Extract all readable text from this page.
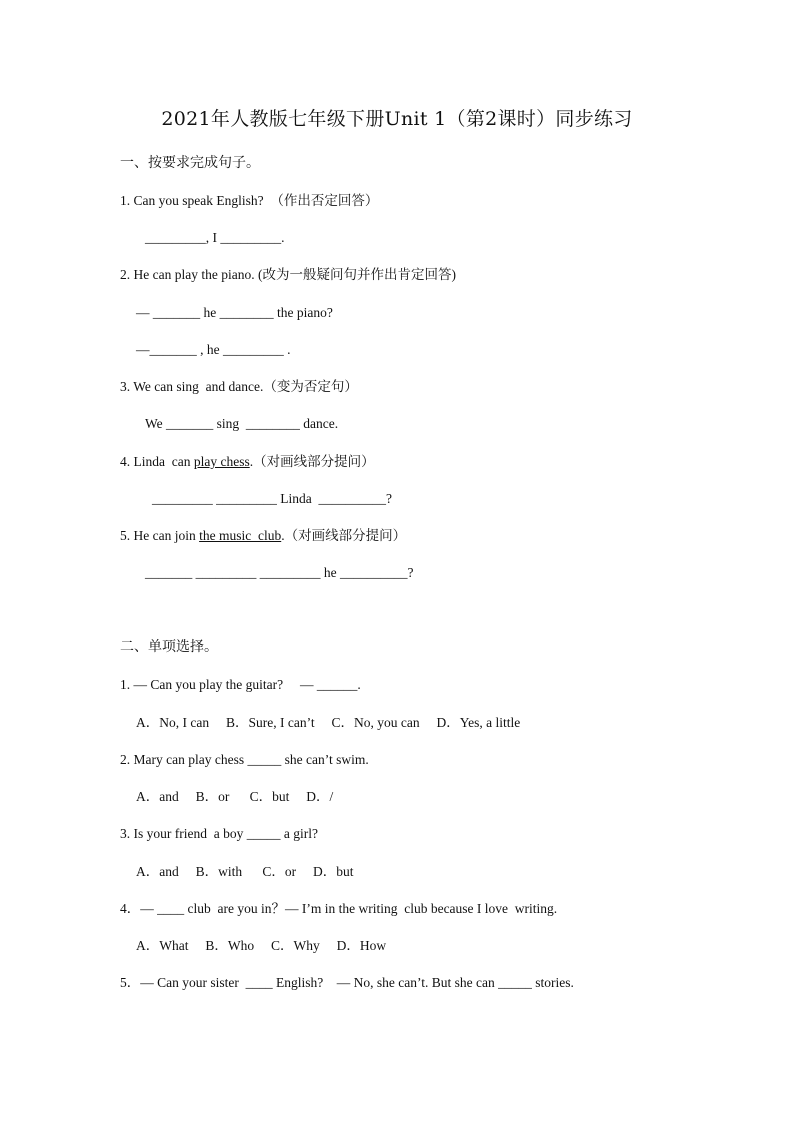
2021年人教版七年级下册Unit 1（第2课时）同步练习
一、按要求完成句子。
1. Can you speak English?　（作出否定回答）
_________, I _________.
2. He can play the piano. (改为一般疑问句并作出肯定回答)
— _______ he ________ the piano?
—_______ , he _________ .
3. We can sing  and dance.（变为否定句）
We _______ sing  ________ dance.
4. Linda  can play chess.（对画线部分提问）
_________ _________ Linda  __________?
5. He can join the music  club.（对画线部分提问）
_______ _________ _________ he __________?
二、单项选择。
1. — Can you play the guitar?　 — ______.
A．No, I can　 B．Sure, I can’t　 C．No, you can　 D．Yes, a little
2. Mary can play chess _____ she can’t swim.
A．and　 B．or　  C．but　 D．/
3. Is your friend  a boy _____ a girl?
A．and　 B．with　  C．or　 D．but
4．— ____ club  are you in？— I’m in the writing  club because I love  writing.
A．What　 B．Who　 C．Why　 D．How
5．— Can your sister  ____ English?　— No, she can’t. But she can _____ stories.
